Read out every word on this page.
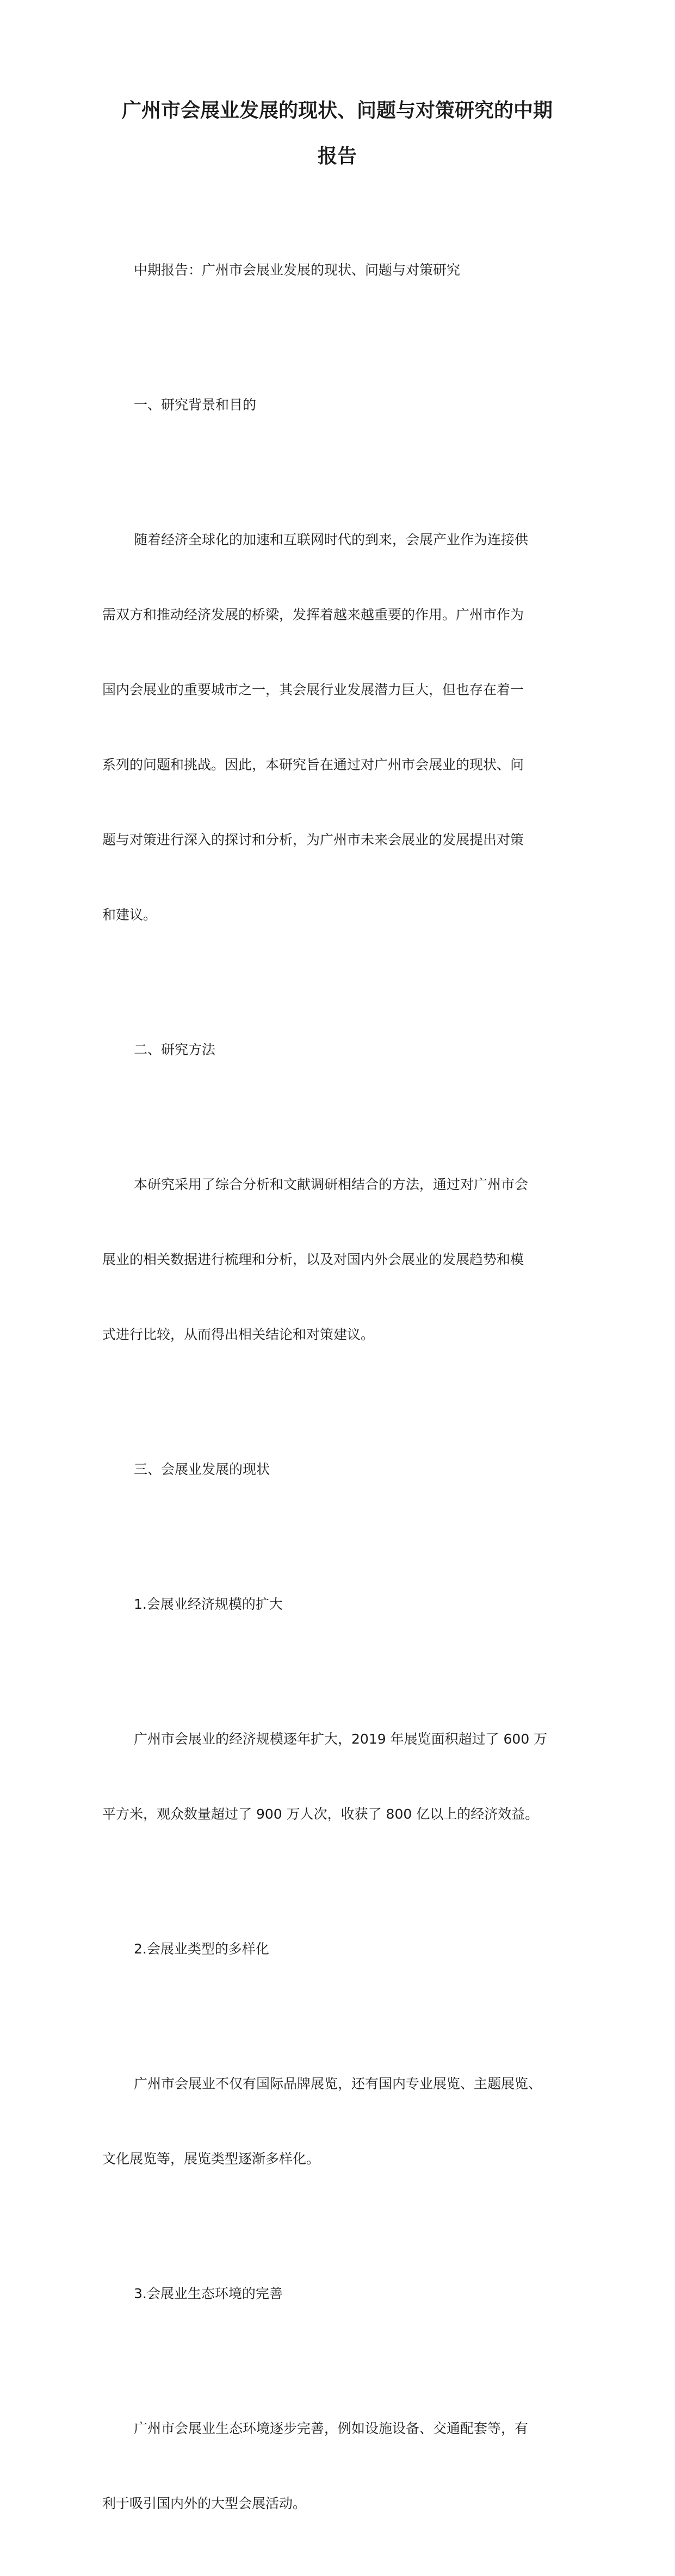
广州市会展业发展的现状、问题与对策研究的中期
报告

中期报告：广州市会展业发展的现状、问题与对策研究

一、研究背景和目的

随着经济全球化的加速和互联网时代的到来，会展产业作为连接供

需双方和推动经济发展的桥梁，发挥着越来越重要的作用。广州市作为

国内会展业的重要城市之一，其会展行业发展潜力巨大，但也存在着一

系列的问题和挑战。因此，本研究旨在通过对广州市会展业的现状、问

题与对策进行深入的探讨和分析，为广州市未来会展业的发展提出对策

和建议。

二、研究方法

本研究采用了综合分析和文献调研相结合的方法，通过对广州市会

展业的相关数据进行梳理和分析，以及对国内外会展业的发展趋势和模

式进行比较，从而得出相关结论和对策建议。

三、会展业发展的现状

1.会展业经济规模的扩大

广州市会展业的经济规模逐年扩大，2019 年展览面积超过了 600 万

平方米，观众数量超过了 900 万人次，收获了 800 亿以上的经济效益。

2.会展业类型的多样化

广州市会展业不仅有国际品牌展览，还有国内专业展览、主题展览、

文化展览等，展览类型逐渐多样化。

3.会展业生态环境的完善

广州市会展业生态环境逐步完善，例如设施设备、交通配套等，有

利于吸引国内外的大型会展活动。
